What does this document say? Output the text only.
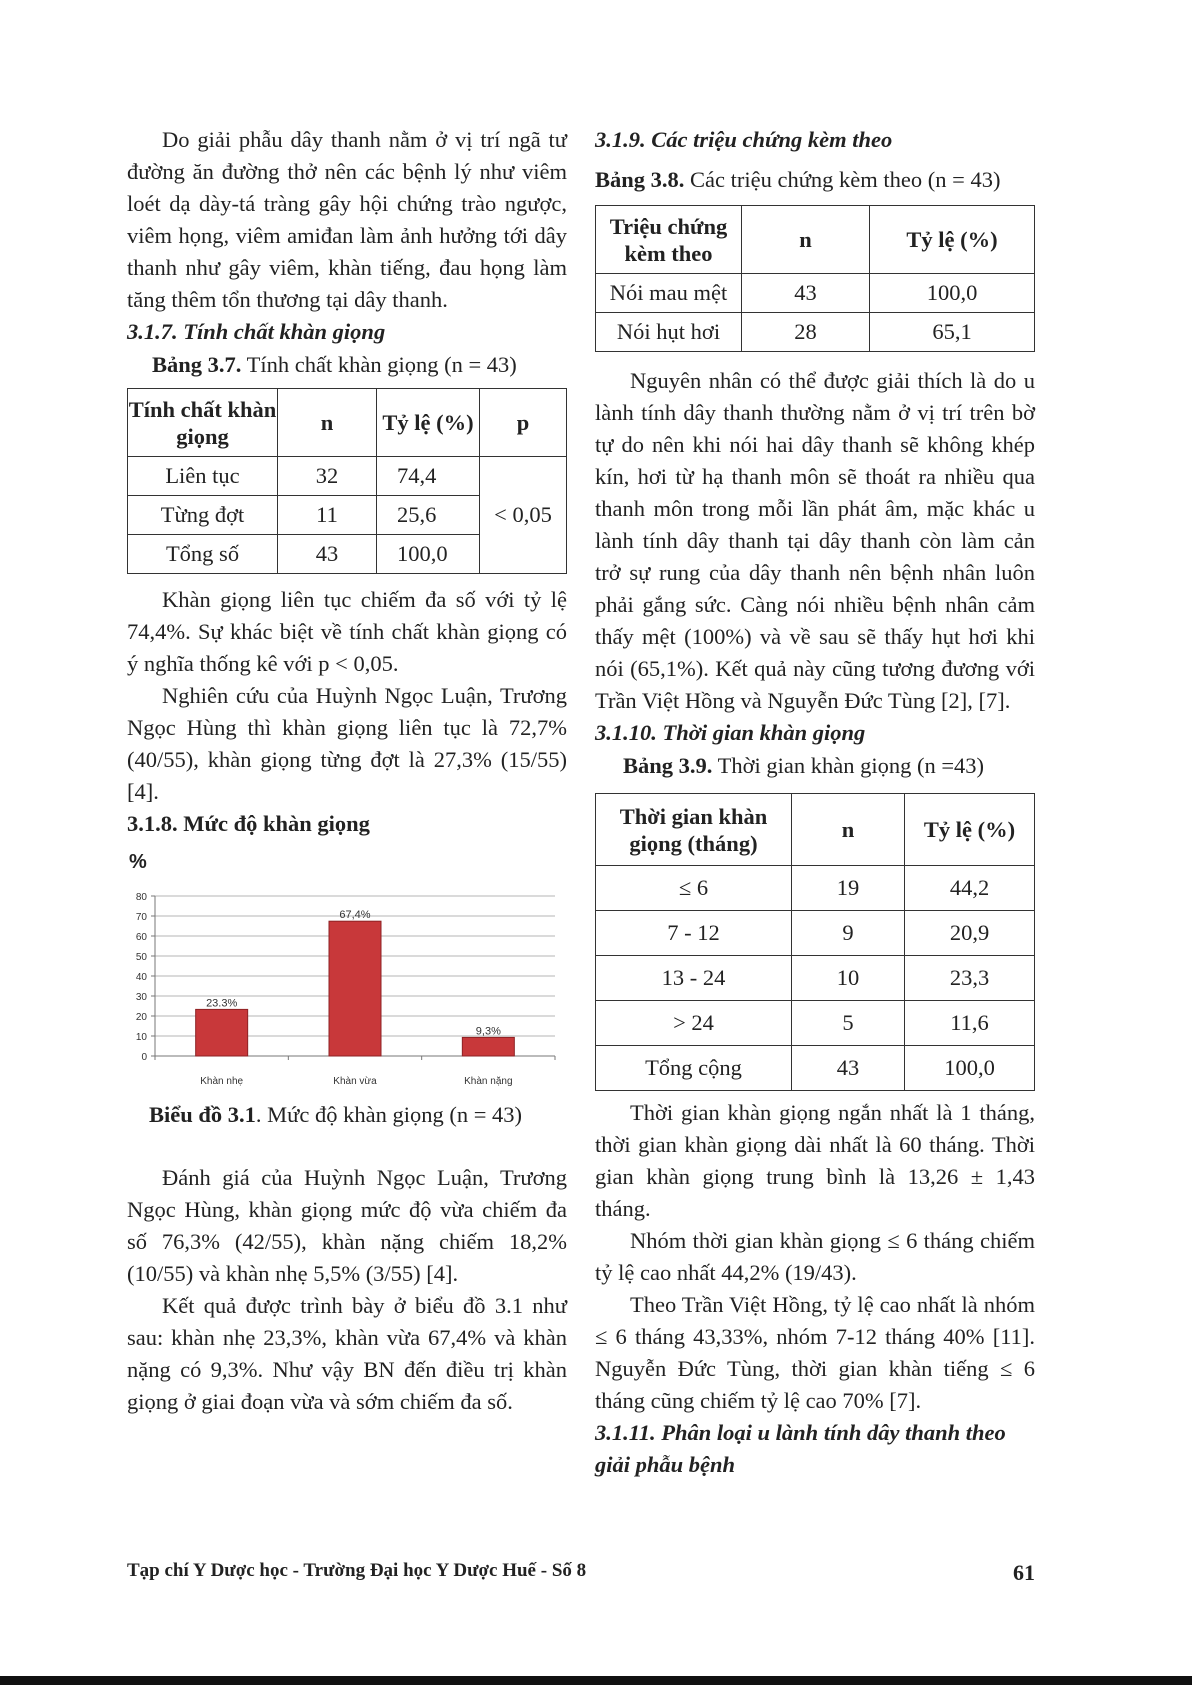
Do giải phẫu dây thanh nằm ở vị trí ngã tư đường ăn đường thở nên các bệnh lý như viêm loét dạ dày-tá tràng gây hội chứng trào ngược, viêm họng, viêm amiđan làm ảnh hưởng tới dây thanh như gây viêm, khàn tiếng, đau họng làm tăng thêm tổn thương tại dây thanh.

3.1.7. Tính chất khàn giọng
Bảng 3.7. Tính chất khàn giọng (n = 43)
Tính chất khàn giọng	n	Tỷ lệ (%)	p
Liên tục	32	74,4	< 0,05
Từng đợt	11	25,6	
Tổng số	43	100,0	

Khàn giọng liên tục chiếm đa số với tỷ lệ 74,4%. Sự khác biệt về tính chất khàn giọng có ý nghĩa thống kê với p < 0,05.

Nghiên cứu của Huỳnh Ngọc Luận, Trương Ngọc Hùng thì khàn giọng liên tục là 72,7% (40/55), khàn giọng từng đợt là 27,3% (15/55) [4].

3.1.8. Mức độ khàn giọng
%
0
10
20
30
40
50
60
70
80
23.3%
Khàn nhẹ
67,4%
Khàn vừa
9,3%
Khàn nặng
Biểu đồ 3.1. Mức độ khàn giọng (n = 43)

Đánh giá của Huỳnh Ngọc Luận, Trương Ngọc Hùng, khàn giọng mức độ vừa chiếm đa số 76,3% (42/55), khàn nặng chiếm 18,2% (10/55) và khàn nhẹ 5,5% (3/55) [4].

Kết quả được trình bày ở biểu đồ 3.1 như sau: khàn nhẹ 23,3%, khàn vừa 67,4% và khàn nặng có 9,3%. Như vậy BN đến điều trị khàn giọng ở giai đoạn vừa và sớm chiếm đa số.

3.1.9. Các triệu chứng kèm theo
Bảng 3.8. Các triệu chứng kèm theo (n = 43)
Triệu chứng kèm theo	n	Tỷ lệ (%)
Nói mau mệt	43	100,0
Nói hụt hơi	28	65,1

Nguyên nhân có thể được giải thích là do u lành tính dây thanh thường nằm ở vị trí trên bờ tự do nên khi nói hai dây thanh sẽ không khép kín, hơi từ hạ thanh môn sẽ thoát ra nhiều qua thanh môn trong mỗi lần phát âm, mặc khác u lành tính dây thanh tại dây thanh còn làm cản trở sự rung của dây thanh nên bệnh nhân luôn phải gắng sức. Càng nói nhiều bệnh nhân cảm thấy mệt (100%) và về sau sẽ thấy hụt hơi khi nói (65,1%). Kết quả này cũng tương đương với Trần Việt Hồng và Nguyễn Đức Tùng [2], [7].

3.1.10. Thời gian khàn giọng
Bảng 3.9. Thời gian khàn giọng (n =43)
Thời gian khàn giọng (tháng)	n	Tỷ lệ (%)
≤ 6	19	44,2
7 - 12	9	20,9
13 - 24	10	23,3
> 24	5	11,6
Tổng cộng	43	100,0

Thời gian khàn giọng ngắn nhất là 1 tháng, thời gian khàn giọng dài nhất là 60 tháng. Thời gian khàn giọng trung bình là 13,26 ± 1,43 tháng.

Nhóm thời gian khàn giọng ≤ 6 tháng chiếm tỷ lệ cao nhất 44,2% (19/43).

Theo Trần Việt Hồng, tỷ lệ cao nhất là nhóm ≤ 6 tháng 43,33%, nhóm 7-12 tháng 40% [11]. Nguyễn Đức Tùng, thời gian khàn tiếng ≤ 6 tháng cũng chiếm tỷ lệ cao 70% [7].

3.1.11. Phân loại u lành tính dây thanh theo giải phẫu bệnh
Tạp chí Y Dược học - Trường Đại học Y Dược Huế - Số 8	61
